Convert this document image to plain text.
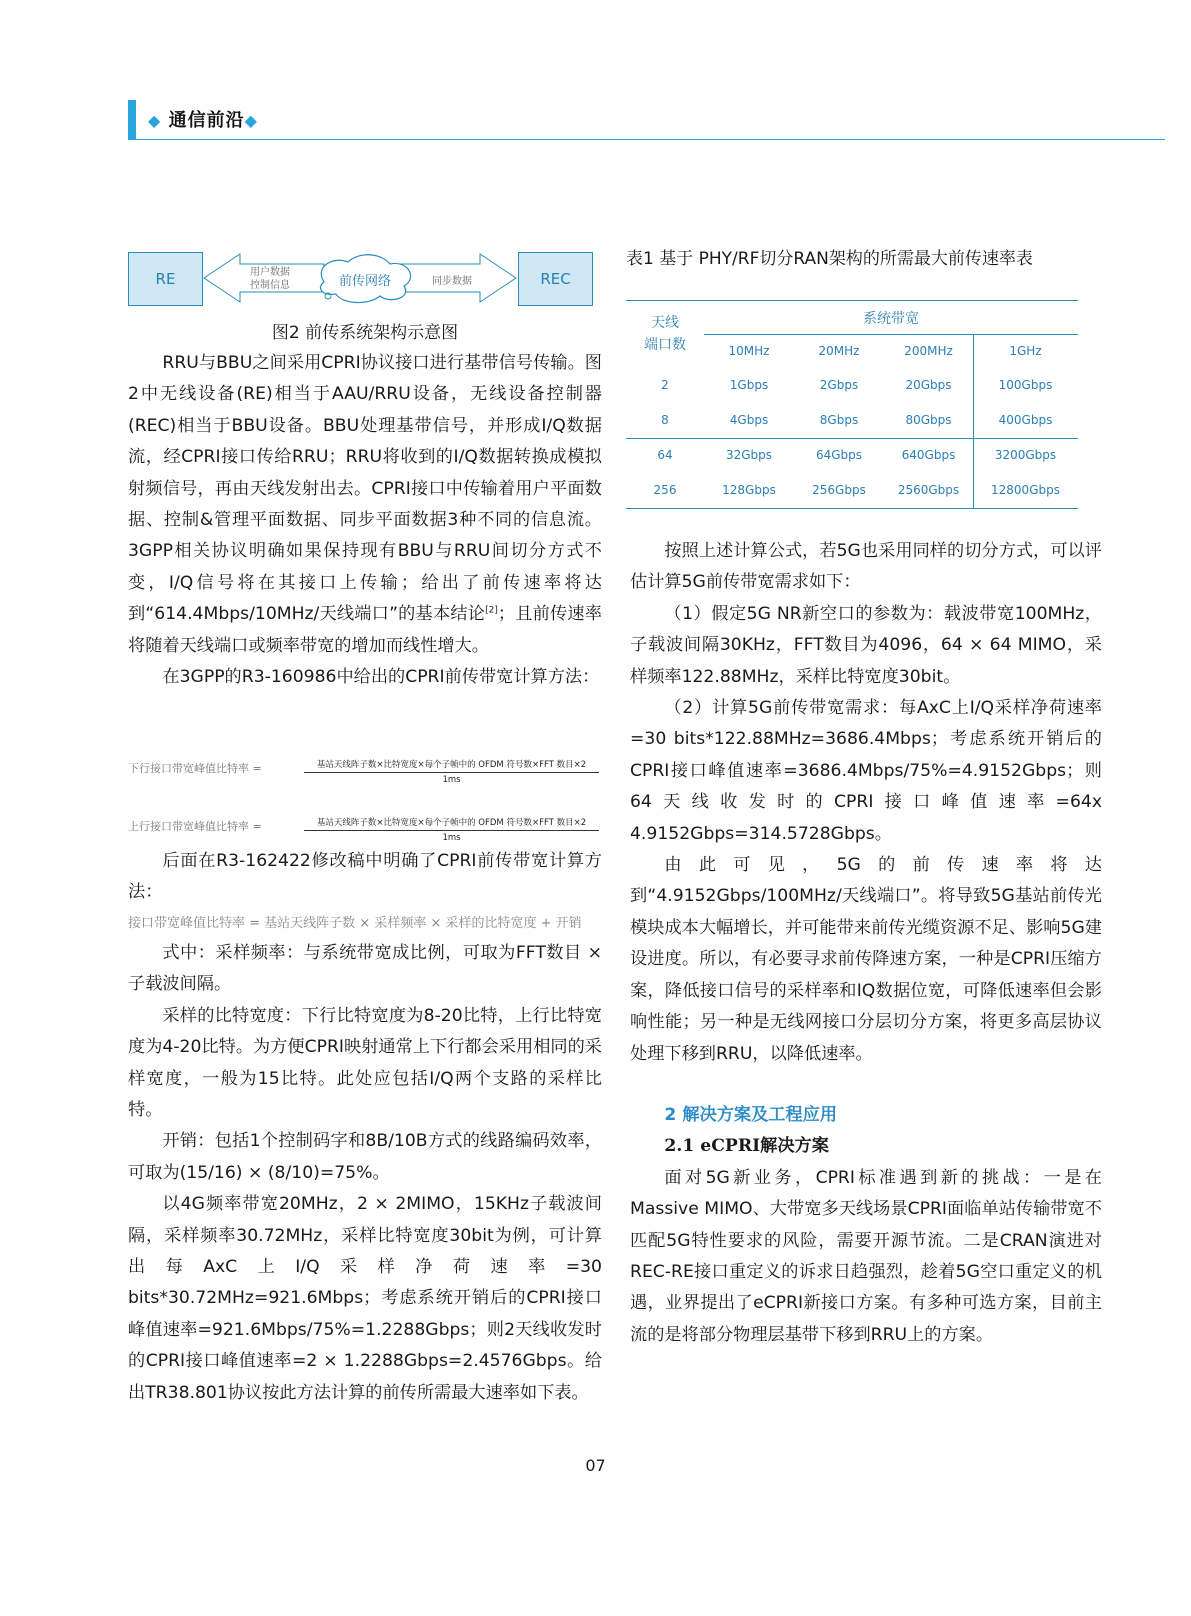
◆ 通信前沿◆
RE	REC
用户数据
控制信息	前传网络	同步数据
图2 前传系统架构示意图

RRU与BBU之间采用CPRI协议接口进行基带信号传输。图2中无线设备(RE)相当于AAU/RRU设备，无线设备控制器(REC)相当于BBU设备。BBU处理基带信号，并形成I/Q数据流，经CPRI接口传给RRU；RRU将收到的I/Q数据转换成模拟射频信号，再由天线发射出去。CPRI接口中传输着用户平面数据、控制&管理平面数据、同步平面数据3种不同的信息流。3GPP相关协议明确如果保持现有BBU与RRU间切分方式不变，I/Q信号将在其接口上传输；给出了前传速率将达到“614.4Mbps/10MHz/天线端口”的基本结论[2]；且前传速率将随着天线端口或频率带宽的增加而线性增大。

在3GPP的R3-160986中给出的CPRI前传带宽计算方法：

下行接口带宽峰值比特率 =	基站天线阵子数×比特宽度×每个子帧中的 OFDM 符号数×FFT 数目×2
1ms
上行接口带宽峰值比特率 =	基站天线阵子数×比特宽度×每个子帧中的 OFDM 符号数×FFT 数目×2
1ms

后面在R3-162422修改稿中明确了CPRI前传带宽计算方法：

接口带宽峰值比特率 = 基站天线阵子数 × 采样频率 × 采样的比特宽度 + 开销

式中：采样频率：与系统带宽成比例，可取为FFT数目 × 子载波间隔。

采样的比特宽度：下行比特宽度为8-20比特，上行比特宽度为4-20比特。为方便CPRI映射通常上下行都会采用相同的采样宽度，一般为15比特。此处应包括I/Q两个支路的采样比特。

开销：包括1个控制码字和8B/10B方式的线路编码效率，可取为(15/16) × (8/10)=75%。

以4G频率带宽20MHz，2 × 2MIMO，15KHz子载波间隔，采样频率30.72MHz，采样比特宽度30bit为例，可计算出每AxC上I/Q采样净荷速率=30 bits*30.72MHz=921.6Mbps；考虑系统开销后的CPRI接口峰值速率=921.6Mbps/75%=1.2288Gbps；则2天线收发时的CPRI接口峰值速率=2 × 1.2288Gbps=2.4576Gbps。给出TR38.801协议按此方法计算的前传所需最大速率如下表。

表1 基于 PHY/RF切分RAN架构的所需最大前传速率表
天线
端口数
系统带宽
10MHz	20MHz	200MHz	1GHz
2	1Gbps	2Gbps	20Gbps	100Gbps
8	4Gbps	8Gbps	80Gbps	400Gbps
64	32Gbps	64Gbps	640Gbps	3200Gbps
256	128Gbps	256Gbps	2560Gbps	12800Gbps

按照上述计算公式，若5G也采用同样的切分方式，可以评估计算5G前传带宽需求如下：

（1）假定5G NR新空口的参数为：载波带宽100MHz，子载波间隔30KHz，FFT数目为4096，64 × 64 MIMO，采样频率122.88MHz，采样比特宽度30bit。

（2）计算5G前传带宽需求：每AxC上I/Q采样净荷速率=30 bits*122.88MHz=3686.4Mbps；考虑系统开销后的CPRI接口峰值速率=3686.4Mbps/75%=4.9152Gbps；则64天线收发时的CPRI接口峰值速率=64x 4.9152Gbps=314.5728Gbps。

由此可见，5G的前传速率将达到“4.9152Gbps/100MHz/天线端口”。将导致5G基站前传光模块成本大幅增长，并可能带来前传光缆资源不足、影响5G建设进度。所以，有必要寻求前传降速方案，一种是CPRI压缩方案，降低接口信号的采样率和IQ数据位宽，可降低速率但会影响性能；另一种是无线网接口分层切分方案，将更多高层协议处理下移到RRU，以降低速率。

2 解决方案及工程应用

2.1 eCPRI解决方案

面对5G新业务，CPRI标准遇到新的挑战：一是在Massive MIMO、大带宽多天线场景CPRI面临单站传输带宽不匹配5G特性要求的风险，需要开源节流。二是CRAN演进对REC-RE接口重定义的诉求日趋强烈，趁着5G空口重定义的机遇，业界提出了eCPRI新接口方案。有多种可选方案，目前主流的是将部分物理层基带下移到RRU上的方案。

07
